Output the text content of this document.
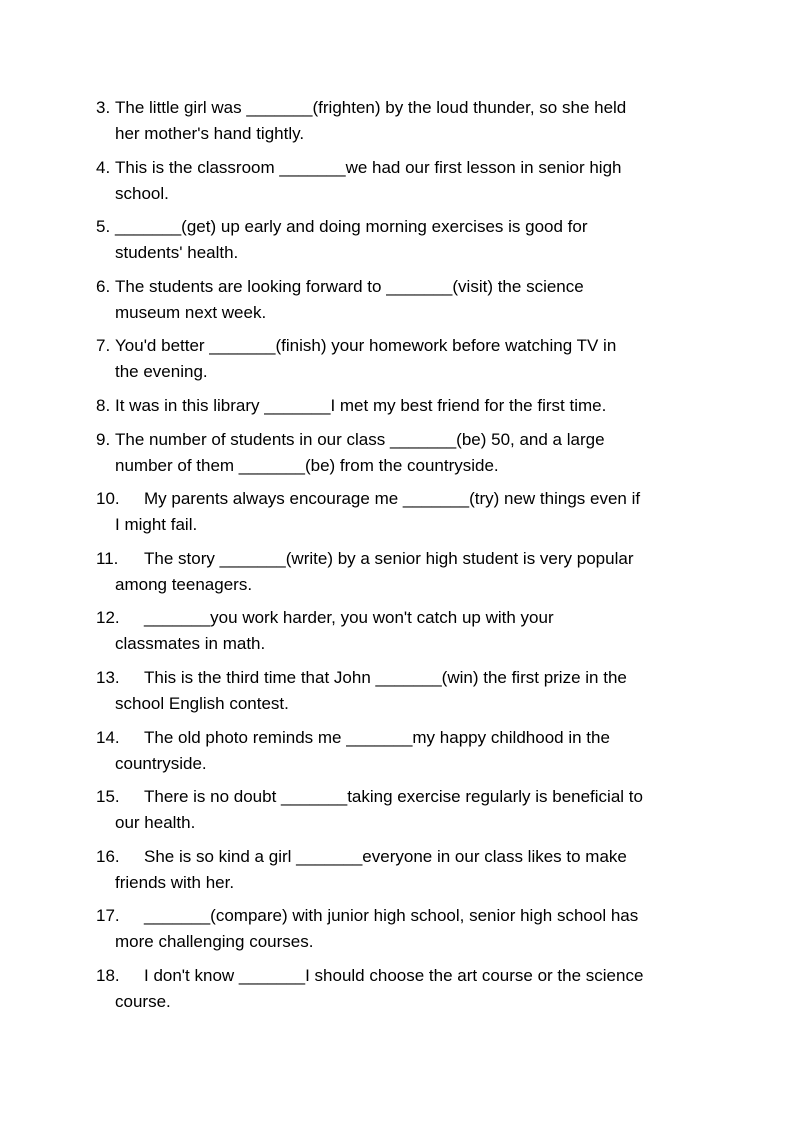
3. The little girl was _______(frighten) by the loud thunder, so she held
her mother's hand tightly.
4. This is the classroom _______we had our first lesson in senior high
school.
5. _______(get) up early and doing morning exercises is good for
students' health.
6. The students are looking forward to _______(visit) the science
museum next week.
7. You'd better _______(finish) your homework before watching TV in
the evening.
8. It was in this library _______I met my best friend for the first time.
9. The number of students in our class _______(be) 50, and a large
number of them _______(be) from the countryside.
10.	My parents always encourage me _______(try) new things even if
I might fail.
11.	The story _______(write) by a senior high student is very popular
among teenagers.
12.	_______you work harder, you won't catch up with your
classmates in math.
13.	This is the third time that John _______(win) the first prize in the
school English contest.
14.	The old photo reminds me _______my happy childhood in the
countryside.
15.	There is no doubt _______taking exercise regularly is beneficial to
our health.
16.	She is so kind a girl _______everyone in our class likes to make
friends with her.
17.	_______(compare) with junior high school, senior high school has
more challenging courses.
18.	I don't know _______I should choose the art course or the science
course.
